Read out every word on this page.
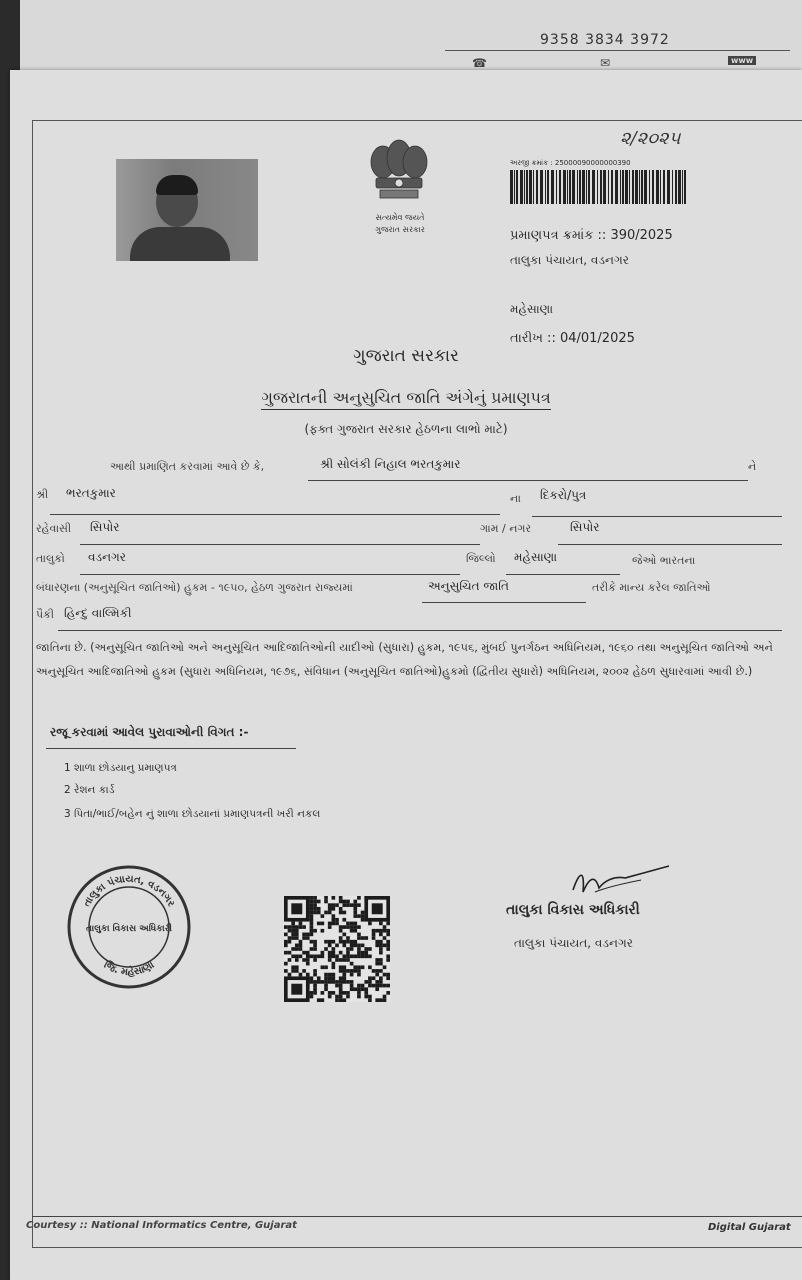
9358 3834 3972
☎	✉	www
સત્યમેવ જયતે
ગુજરાત સરકાર
૨/૨૦૨૫
અરજી ક્રમાંક : 25000090000000390
પ્રમાણપત્ર ક્રમાંક :: 390/2025
તાલુકા પંચાયત, વડનગર
મહેસાણા
તારીખ :: 04/01/2025
ગુજરાત સરકાર
ગુજરાતની અનુસુચિત જાતિ અંગેનું પ્રમાણપત્ર
(ફક્ત ગુજરાત સરકાર હેઠળના લાભો માટે)
આથી પ્રમાણિત કરવામાં આવે છે કે,	શ્રી સોલંકી નિહાલ ભરતકુમાર	ને
શ્રી ભરતકુમાર	ના દિકરો/પુત્ર
રહેવાસી સિપોર	ગામ / નગર	સિપોર
તાલુકો વડનગર	જિલ્લો મહેસાણા	જેઓ ભારતના
બંધારણના (અનુસૂચિત જાતિઓ) હુકમ - ૧૯૫૦, હેઠળ ગુજરાત રાજ્યમાં	અનુસુચિત જાતિ	તરીકે માન્ય કરેલ જાતિઓ
પૈકી હિન્દુ વાલ્મિકી
જાતિના છે. (અનુસૂચિત જાતિઓ અને અનુસૂચિત આદિજાતિઓની યાદીઓ (સુધારા) હુકમ, ૧૯૫૬, મુંબઈ પુનર્ગઠન અધિનિયમ, ૧૯૬૦ તથા અનુસૂચિત જાતિઓ અને અનુસૂચિત આદિજાતિઓ હુકમ (સુધારા અધિનિયમ, ૧૯૭૬, સંવિધાન (અનુસૂચિત જાતિઓ)હુકમો (દ્વિતીય સુધારો) અધિનિયમ, ૨૦૦૨ હેઠળ સુધારવામાં આવી છે.)
રજૂ કરવામાં આવેલ પુરાવાઓની વિગત :-
1 શાળા છોડયાનુ પ્રમાણપત્ર
2 રેશન કાર્ડ
3 પિતા/ભાઈ/બહેન નું શાળા છોડયાનાં પ્રમાણપત્રની ખરી નકલ
તાલુકા પંચાયત, વડનગર
તાલુકા વિકાસ અધિકારી
જિ. મહેસાણા
તાલુકા વિકાસ અધિકારી
તાલુકા પંચાયત, વડનગર
Courtesy :: National Informatics Centre, Gujarat	Digital Gujarat
